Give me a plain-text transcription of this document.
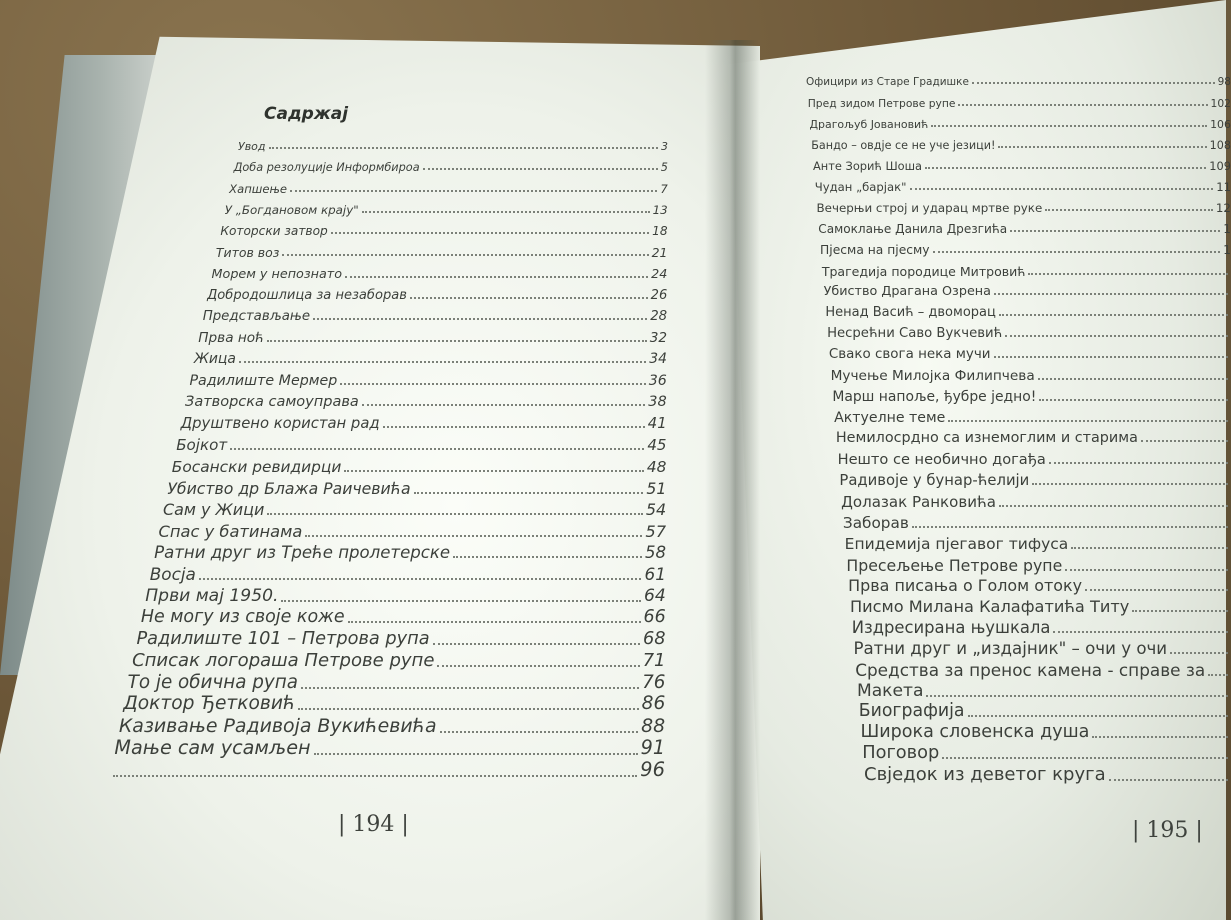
Садржај
Увод	3
Доба резолуције Информбироа	5
Хапшење	7
У „Богдановом крају"	13
Которски затвор	18
Титов воз	21
Морем у непознато	24
Добродошлица за незаборав	26
Представљање	28
Прва ноћ	32
Жица	34
Радилиште Мермер	36
Затворска самоуправа	38
Друштвено користан рад	41
Бојкот	45
Босански ревидирци	48
Убиство др Блажа Раичевића	51
Сам у Жици	54
Спас у батинама	57
Ратни друг из Треће пролетерске	58
Восја	61
Први мај 1950.	64
Не могу из своје коже	66
Радилиште 101 – Петрова рупа	68
Списак логораша Петрове рупе	71
То је обична рупа	76
Доктор Ђетковић	86
Казивање Радивоја Вукићевића	88
Мање сам усамљен	91
96
Официри из Старе Градишке	98
Пред зидом Петрове рупе	102
Драгољуб Јовановић	106
Бандо – овдје се не уче језици!	108
Анте Зорић Шоша	109
Чудан „барјак"	11
Вечерњи строј и ударац мртве руке	12
Самоклање Данила Дрезгића	1
Пјесма на пјесму	1
Трагедија породице Митровић
Убиство Драгана Озрена
Ненад Васић – двоморац
Несрећни Саво Вукчевић
Свако свога нека мучи
Мучење Милојка Филипчева
Марш напоље, ђубре једно!
Актуелне теме
Немилосрдно са изнемоглим и старима
Нешто се необично догађа
Радивоје у бунар-ћелији
Долазак Ранковића
Заборав
Епидемија пјегавог тифуса
Пресељење Петрове рупе
Прва писања о Голом отоку
Писмо Милана Калафатића Титу
Издресирана њушкала
Ратни друг и „издајник" – очи у очи
Средства за пренос камена - справе за
Макета
Биографија
Широка словенска душа
Поговор
Свједок из деветог круга
| 194 |	| 195 |
